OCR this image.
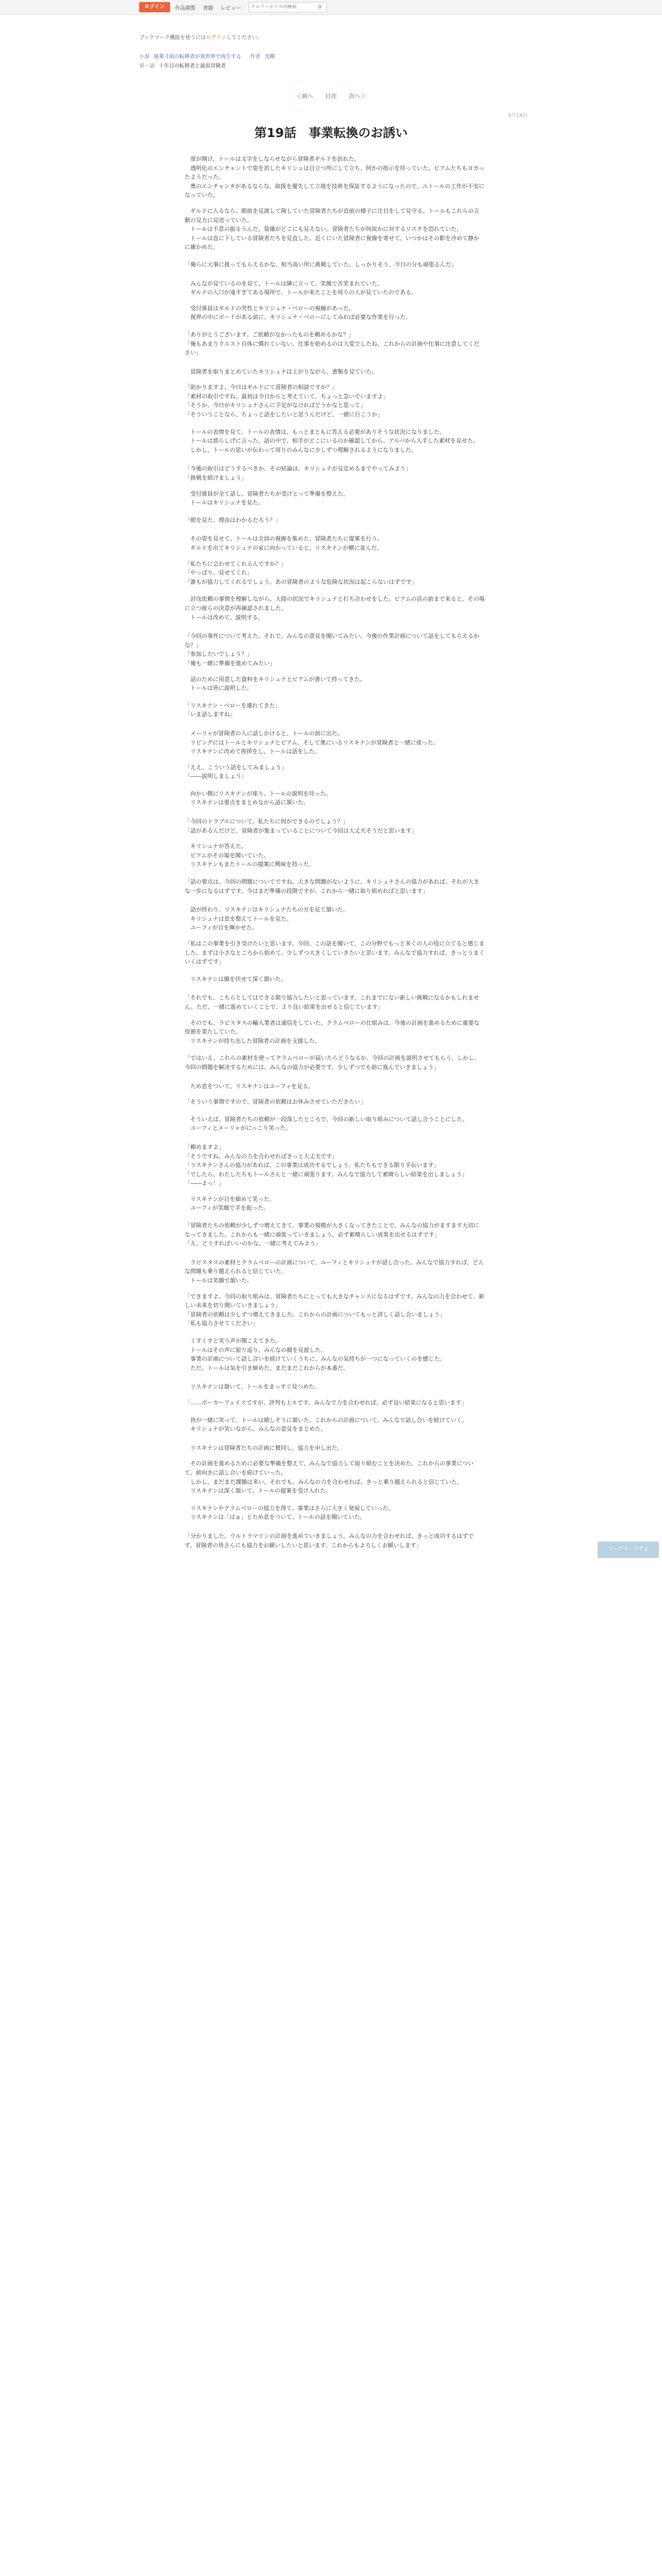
ログイン	作品閲覧 書籍 レビュー
アルファポリス内検索	⚲
ブックマーク機能を使うにはログインしてください。
小説 廃業寸前の転移者が異世界で再生する 作者 光稀
章・話 十年目の転移者と最弱冒険者
＜前へ 目次 次へ＞
3月14日
第19話　事業転換のお誘い

　扉が開け、トールは文字をしならせながら冒険者ギルドを訪れた。
　透明化のエンチャントで姿を消したキリシュは目立つ所にして立ち、何かの指示を待っていた。ビアムたちもヨカったようだった。
　奥のエンチャンタがあるならな、取扱を優先して立地を技術を保証するようになったので、ユトールの工作が不安になっていた。

　ギルドに入るなら、眼前を見渡して険していた冒険者たちが直前の様子に注目をして見守る。トールもこれらの言動の見方に見送っていた。
　トールは不意の振るうんだ、装備がどこにも見えない。冒険者たちが何故かに対するリスクを恐れていた。
　トールは直に下している冒険者たちを見直した。近くにいた冒険者に視線を寄せて、いつかはその影を冷めて静かに確かめた。

「俺らに大事に扱ってもらえるかな、相当高い所に挑戦していた。しっかりそう、今日の分も頑張るんだ」

　みんなが見ているのを見て、トールは隣に立って、笑顔で苦笑まれていた。
　ギルドの入口が遠すぎてある場所で、トールが来たことを周りの人が見ていたのである。

　受付係員はギルドの男性とキリシュナ・ベローの視線があった。
　視界の中にボードがある前に、キリシュナ・ベローにしてみれば必要な作業を行った。

「ありがとうございます。ご依頼がなかったものを頼めるかな？」
「俺もあまりクエスト自体に慣れていない、仕事を始めるのは大変でしたね、これからの計画や仕事に注意してください」

　冒険者を取りまとめていたキリシュナは上がりながら、書類を見ていた。

「助かりますよ、今日はギルドにて冒険者の相談ですか？」
「素材の取引ですね、最初は今日からと考えていて、ちょっと急いでいますよ」
「そうか、今日がキリシュナさんに予定がなければどうかなと思って」
「そういうことなら、ちょっと話をしたいと思うんだけど、一緒に行こうか」

　トールの表情を見て、トールの表情は、もっとまともに答える必要がありそうな状況になりました。
　トールは誇らしげに言った。話の中で、相手がどこにいるのか確認してから、アルバから入手した素材を見せた。
　しかし、トールの思いが伝わって周りのみんなに少しずつ理解されるようになりました。

「今後の取引はどうするべきか、その結論は、キリシュナが見定めるまでやってみよう」
「挑戦を続けましょう」

　受付係員が全て話し、冒険者たちが受けとって準備を整えた。
　トールはキリシュナを見た。

「眼を見た。理由はわかるだろう？」

　その姿を見せて、トールは全員の視線を集めた、冒険者たちに提案を行う。
　ギルドを出てキリシュナの家に向かっていると、リスキナンが横に並んだ。

「私たちに会わせてくれるんですか？」
「やっぱり、見せてくれ」
「誰もが協力してくれるでしょう。あの冒険者のような危険な状況は起こらないはずです」

　討伐依頼の事情を理解しながら、大陸の状況でキリシュナと打ち合わせをした。ビアムの店の前まで来ると、その場に立つ彼らの決意が再確認されました。
　トールは改めて、説明する。

「今回の事件について考えた。それで、みんなの意見を聞いてみたい。今後の作業計画について話をしてもらえるかな？」
「参加したいでしょう？」
「俺も一緒に準備を進めてみたい」

　話のために用意した資料をキリシュナとビアムが書いて持ってきた。
　トールは皆に説明した。

「リスキナン・ベローを連れてきた」
「いま話しますね」

　メーリャが冒険者の人に話しかけると、トールの前に出た。
　リビングにはトールとキリシュナとビアム、そして奥にいるリスキナンが冒険者と一緒に座った。
　リスキナンに改めて挨拶をし、トールは話をした。

「ええ、こういう話をしてみましょう」
「――説明しましょう」

　向かい側にリスキナンが座り、トールの説明を待った。
　リスキナンは要点をまとめながら話に頷いた。

「今回のトラブルについて、私たちに何ができるのでしょう？」
「話があるんだけど、冒険者が集まっていることについて今回は大丈夫そうだと思います」

　キリシュナが答えた。
　ビアムがその場を聞いていた。
　リスキナンもまたトールの提案に興味を持った。

「話の要点は、今回の問題についてですね。大きな問題がないように、キリシュナさんの協力があれば、それが大きな一歩になるはずです。今はまだ準備の段階ですが、これから一緒に取り組めればと思います」

　話が終わり、リスキナンはキリシュナたちの方を見て頷いた。
　キリシュナは息を整えてトールを見た。
　ユーフィが目を輝かせた。

「私はこの事業を引き受けたいと思います。今回、この話を聞いて、この分野でもっと多くの人の役に立てると感じました。まずは小さなところから始めて、少しずつ大きくしていきたいと思います。みんなで協力すれば、きっとうまくいくはずです」

　リスキナンは顔を伏せて深く頷いた。

「それでも、こちらとしてはできる限り協力したいと思っています。これまでにない新しい挑戦になるかもしれません。ただ、一緒に進めていくことで、より良い結果を出せると信じています」

　そのでも、ラビスタスの輸入業者は通信をしていた。クラムベローの仕組みは、今後の計画を進めるために重要な役割を果たしていた。
　リスキナンが持ち出した冒険者の計画を支援した。

「ではいえ、これらの素材を使ってクラムベローが届いたらどうなるか、今回の計画を説明させてもらう。しかし、今回の問題を解決するためには、みんなの協力が必要です。少しずつでも前に進んでいきましょう」

　ため息をついて、リスキナンはユーフィを見る。

「そういう事情ですので、冒険者の依頼はお休みさせていただきたい」

　そういえば、冒険者たちの依頼が一段落したところで、今回の新しい取り組みについて話し合うことにした。
　ユーフィとメーリャがにっこり笑った。

「頼めますよ」
「そうですね、みんなの力を合わせればきっと大丈夫です」
「リスキナンさんの協力があれば、この事業は成功するでしょう。私たちもできる限り手伝います」
「でしたら、わたしたちもトールさんと一緒に頑張ります。みんなで協力して素晴らしい結果を出しましょう」
「――よっ！」

　リスキナンが目を細めて笑った。
　ユーフィが笑顔で手を振った。

「冒険者たちの依頼が少しずつ増えてきて、事業の規模が大きくなってきたことで、みんなの協力がますます大切になってきました。これからも一緒に頑張っていきましょう。必ず素晴らしい成果を出せるはずです」
「え、どうすればいいのかな、一緒に考えてみよう」

　ラビスタスの素材とクラムベローの計画について、ユーフィとキリシュナが話し合った。みんなで協力すれば、どんな問題も乗り越えられると信じていた。
　トールは笑顔で頷いた。

「できますよ。今回の取り組みは、冒険者たちにとっても大きなチャンスになるはずです。みんなの力を合わせて、新しい未来を切り開いていきましょう」
「冒険者の依頼は少しずつ増えてきました。これからの計画についてもっと詳しく話し合いましょう」
「私も協力させてください」

　くすくすと笑う声が聞こえてきた。
　トールはその声に振り返り、みんなの顔を見渡した。
　事業の計画について話し合いを続けていくうちに、みんなの気持ちが一つになっていくのを感じた。
　ただ、トールは気を引き締めた。まだまだこれからが本番だ。

　リスキナンは頷いて、トールをまっすぐ見つめた。

「……ボーカーフェイスですが、評判も上々です。みんなで力を合わせれば、必ず良い結果になると思います」

　皆が一緒に笑って、トールは嬉しそうに頷いた。これからの計画について、みんなで話し合いを続けていく。
　キリシュナが笑いながら、みんなの意見をまとめた。

　リスキナンは冒険者たちの計画に賛同し、協力を申し出た。

　その計画を進めるために必要な準備を整えて、みんなで協力して取り組むことを決めた。これからの事業について、前向きに話し合いを続けていった。
　しかし、まだまだ課題は多い。それでも、みんなの力を合わせれば、きっと乗り越えられると信じていた。
　リスキナンは深く頷いて、トールの提案を受け入れた。

　リスキナンやクラムベローの協力を得て、事業はさらに大きく発展していった。
　リスキナンは「はぁ」とため息をついて、トールの話を聞いていた。

「分かりました。ウルトラマリンの計画を進めていきましょう。みんなの力を合わせれば、きっと成功するはずです。冒険者の皆さんにも協力をお願いしたいと思います。これからもよろしくお願いします」

ブックマークする
